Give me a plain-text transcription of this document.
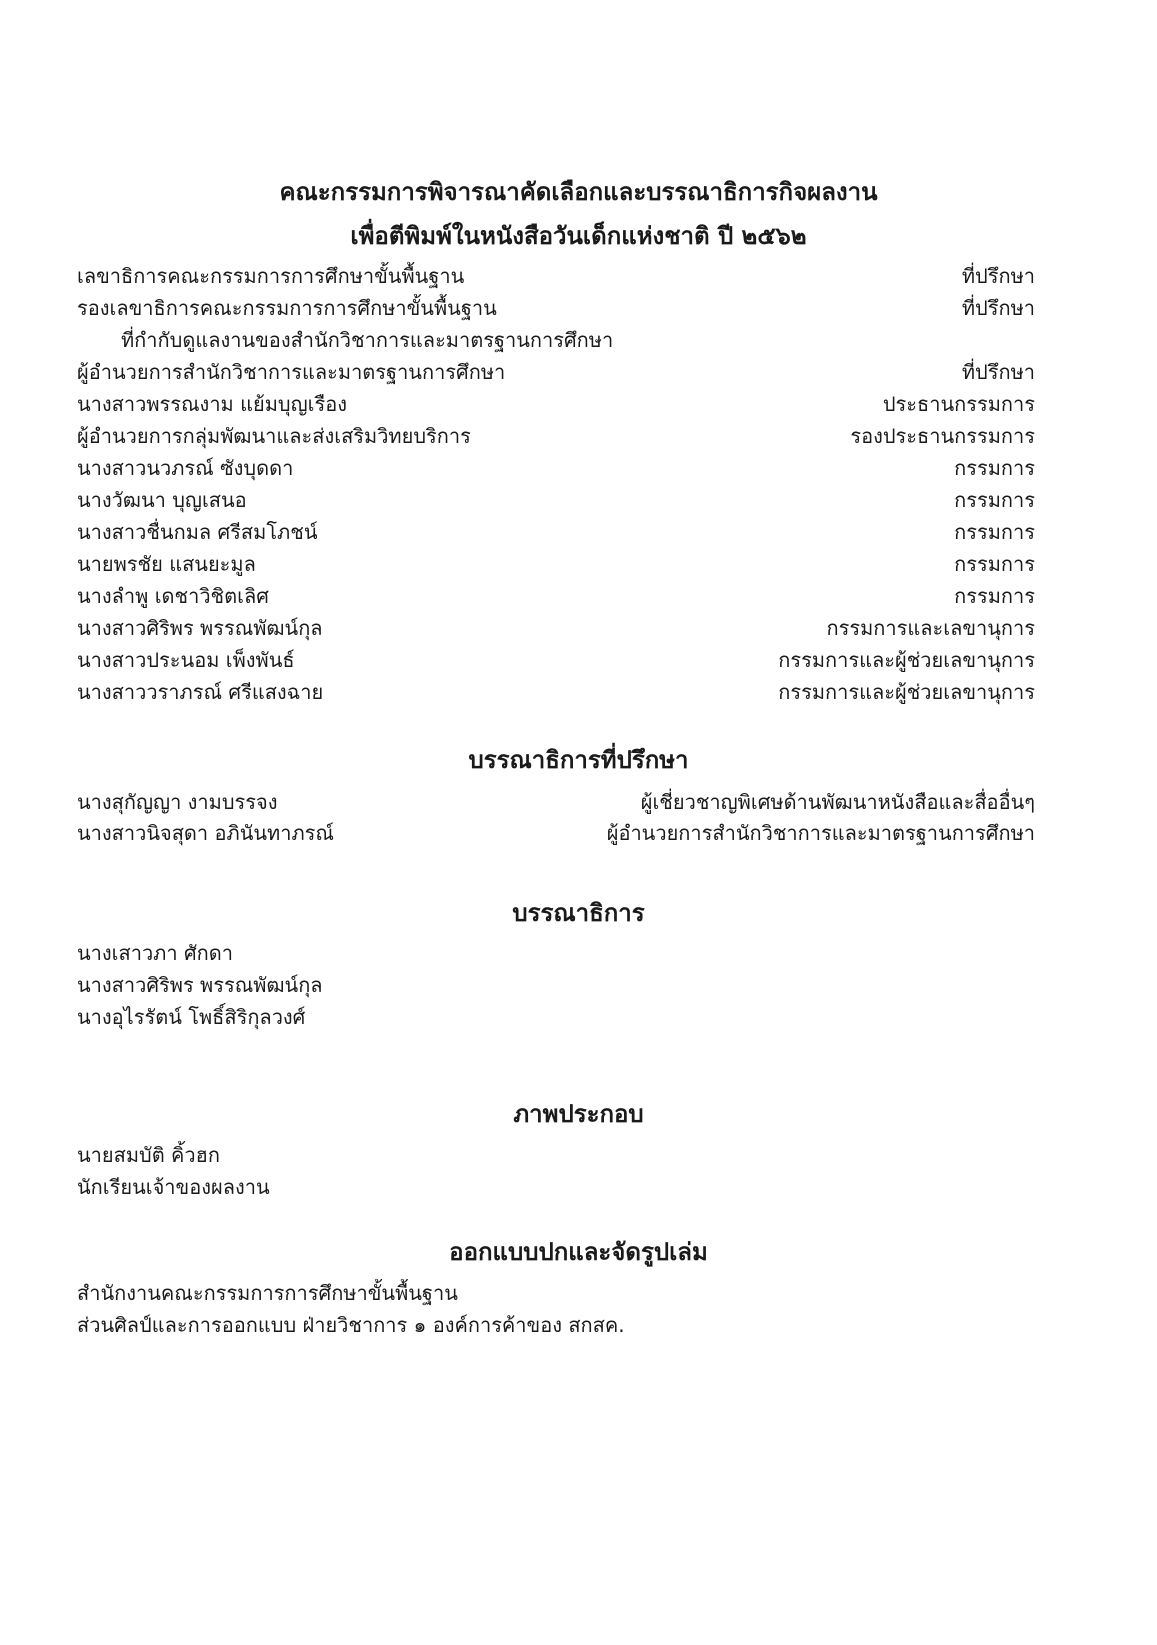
คณะกรรมการพิจารณาคัดเลือกและบรรณาธิการกิจผลงาน
เพื่อตีพิมพ์ในหนังสือวันเด็กแห่งชาติ ปี ๒๕๖๒
เลขาธิการคณะกรรมการการศึกษาขั้นพื้นฐาน	ที่ปรึกษา
รองเลขาธิการคณะกรรมการการศึกษาขั้นพื้นฐาน	ที่ปรึกษา
ที่กำกับดูแลงานของสำนักวิชาการและมาตรฐานการศึกษา
ผู้อำนวยการสำนักวิชาการและมาตรฐานการศึกษา	ที่ปรึกษา
นางสาวพรรณงาม แย้มบุญเรือง	ประธานกรรมการ
ผู้อำนวยการกลุ่มพัฒนาและส่งเสริมวิทยบริการ	รองประธานกรรมการ
นางสาวนวภรณ์ ซังบุดดา	กรรมการ
นางวัฒนา บุญเสนอ	กรรมการ
นางสาวชื่นกมล ศรีสมโภชน์	กรรมการ
นายพรชัย แสนยะมูล	กรรมการ
นางลำพู เดชาวิชิตเลิศ	กรรมการ
นางสาวศิริพร พรรณพัฒน์กุล	กรรมการและเลขานุการ
นางสาวประนอม เพ็งพันธ์	กรรมการและผู้ช่วยเลขานุการ
นางสาววราภรณ์ ศรีแสงฉาย	กรรมการและผู้ช่วยเลขานุการ
บรรณาธิการที่ปรึกษา
นางสุกัญญา งามบรรจง	ผู้เชี่ยวชาญพิเศษด้านพัฒนาหนังสือและสื่ออื่นๆ
นางสาวนิจสุดา อภินันทาภรณ์	ผู้อำนวยการสำนักวิชาการและมาตรฐานการศึกษา
บรรณาธิการ
นางเสาวภา ศักดา
นางสาวศิริพร พรรณพัฒน์กุล
นางอุไรรัตน์ โพธิ์สิริกุลวงศ์
ภาพประกอบ
นายสมบัติ คิ้วฮก
นักเรียนเจ้าของผลงาน
ออกแบบปกและจัดรูปเล่ม
สำนักงานคณะกรรมการการศึกษาขั้นพื้นฐาน
ส่วนศิลป์และการออกแบบ ฝ่ายวิชาการ ๑ องค์การค้าของ สกสค.
